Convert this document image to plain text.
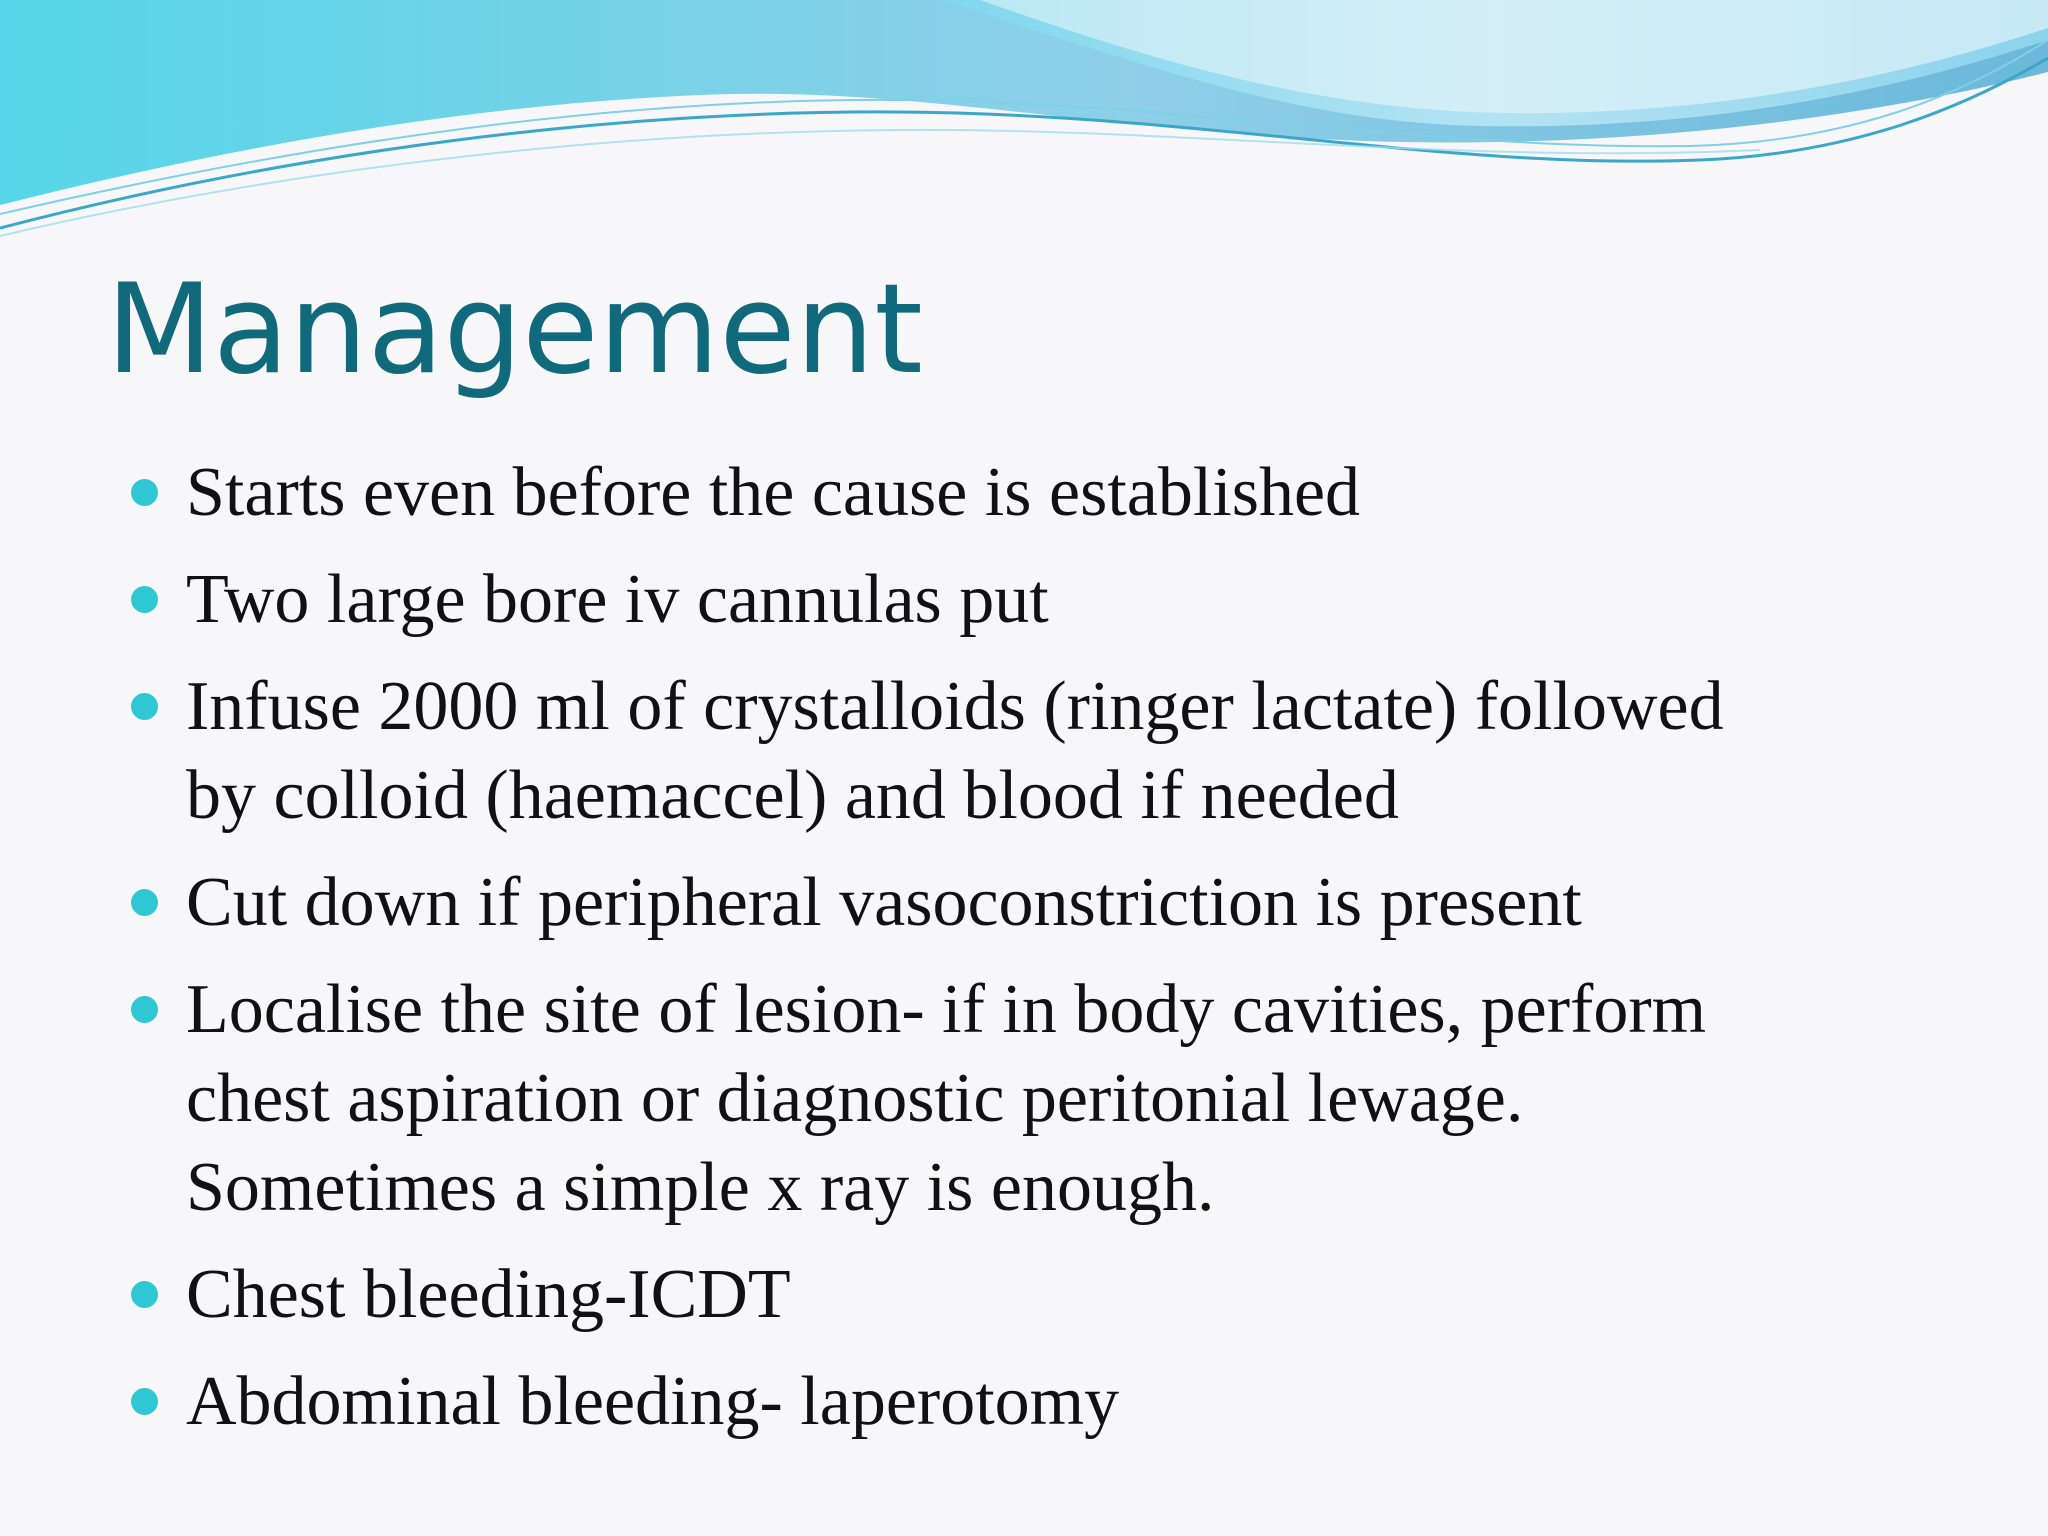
Management
Starts even before the cause is established
Two large bore iv cannulas put
Infuse 2000 ml of crystalloids (ringer lactate) followed
by colloid (haemaccel) and blood if needed
Cut down if peripheral vasoconstriction is present
Localise the site of lesion- if in body cavities, perform
chest aspiration or diagnostic peritonial lewage.
Sometimes a simple x ray is enough.
Chest bleeding-ICDT
Abdominal bleeding- laperotomy
